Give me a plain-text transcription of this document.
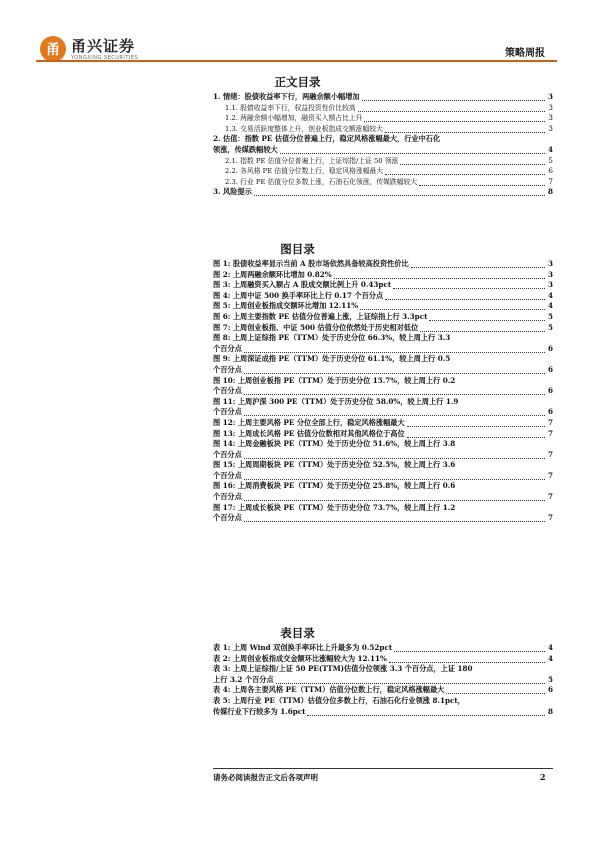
甬 甬兴证券
YONGXING SECURITIES	策略周报
正文目录
1. 情绪：股债收益率下行，两融余额小幅增加	3
1.1. 股债收益率下行，权益投资性价比较高	3
1.2. 两融余额小幅增加，融资买入额占比上升	3
1.3. 交易活跃度整体上升，创业板指成交额涨幅较大	3
2. 估值：指数 PE 估值分位普遍上行，稳定风格涨幅最大，行业中石化
领涨，传媒跌幅较大	4
2.1. 指数 PE 估值分位普遍上行，上证综指/上证 50 领涨	5
2.2. 各风格 PE 估值分位数上行，稳定风格涨幅最大	6
2.3. 行业 PE 估值分位多数上涨，石油石化领涨，传媒跌幅较大	7
3. 风险提示	8
图目录
图 1: 股债收益率显示当前 A 股市场依然具备较高投资性价比	3
图 2: 上周两融余额环比增加 0.82%	3
图 3: 上周融资买入额占 A 股成交额比例上升 0.43pct	3
图 4: 上周中证 500 换手率环比上行 0.17 个百分点	4
图 5: 上周创业板指成交额环比增加 12.11%	4
图 6: 上周主要指数 PE 估值分位普遍上涨，上证综指上行 3.3pct	5
图 7: 上周创业板指、中证 500 估值分位依然处于历史相对低位	5
图 8: 上周上证综指 PE（TTM）处于历史分位 66.3%，较上周上行 3.3
个百分点	6
图 9: 上周深证成指 PE（TTM）处于历史分位 61.1%，较上周上行 0.5
个百分点	6
图 10: 上周创业板指 PE（TTM）处于历史分位 15.7%，较上周上行 0.2
个百分点	6
图 11: 上周沪深 300 PE（TTM）处于历史分位 58.0%，较上周上行 1.9
个百分点	6
图 12: 上周主要风格 PE 分位全部上行，稳定风格涨幅最大	7
图 13: 上周成长风格 PE 估值分位数相对其他风格位于高位	7
图 14: 上周金融板块 PE（TTM）处于历史分位 51.6%，较上周上行 3.8
个百分点	7
图 15: 上周周期板块 PE（TTM）处于历史分位 52.5%，较上周上行 3.6
个百分点	7
图 16: 上周消费板块 PE（TTM）处于历史分位 25.8%，较上周上行 0.6
个百分点	7
图 17: 上周成长板块 PE（TTM）处于历史分位 73.7%，较上周上行 1.2
个百分点	7
表目录
表 1: 上周 Wind 双创换手率环比上升最多为 0.52pct	4
表 2: 上周创业板指成交金额环比涨幅较大为 12.11%	4
表 3: 上周上证综指/上证 50 PE(TTM)估值分位领涨 3.3 个百分点，上证 180
上行 3.2 个百分点	5
表 4: 上周各主要风格 PE（TTM）估值分位数上行，稳定风格涨幅最大	6
表 5: 上周行业 PE（TTM）估值分位多数上行，石油石化行业领涨 8.1pct，
传媒行业下行较多为 1.6pct	8
请务必阅读报告正文后各项声明	2
